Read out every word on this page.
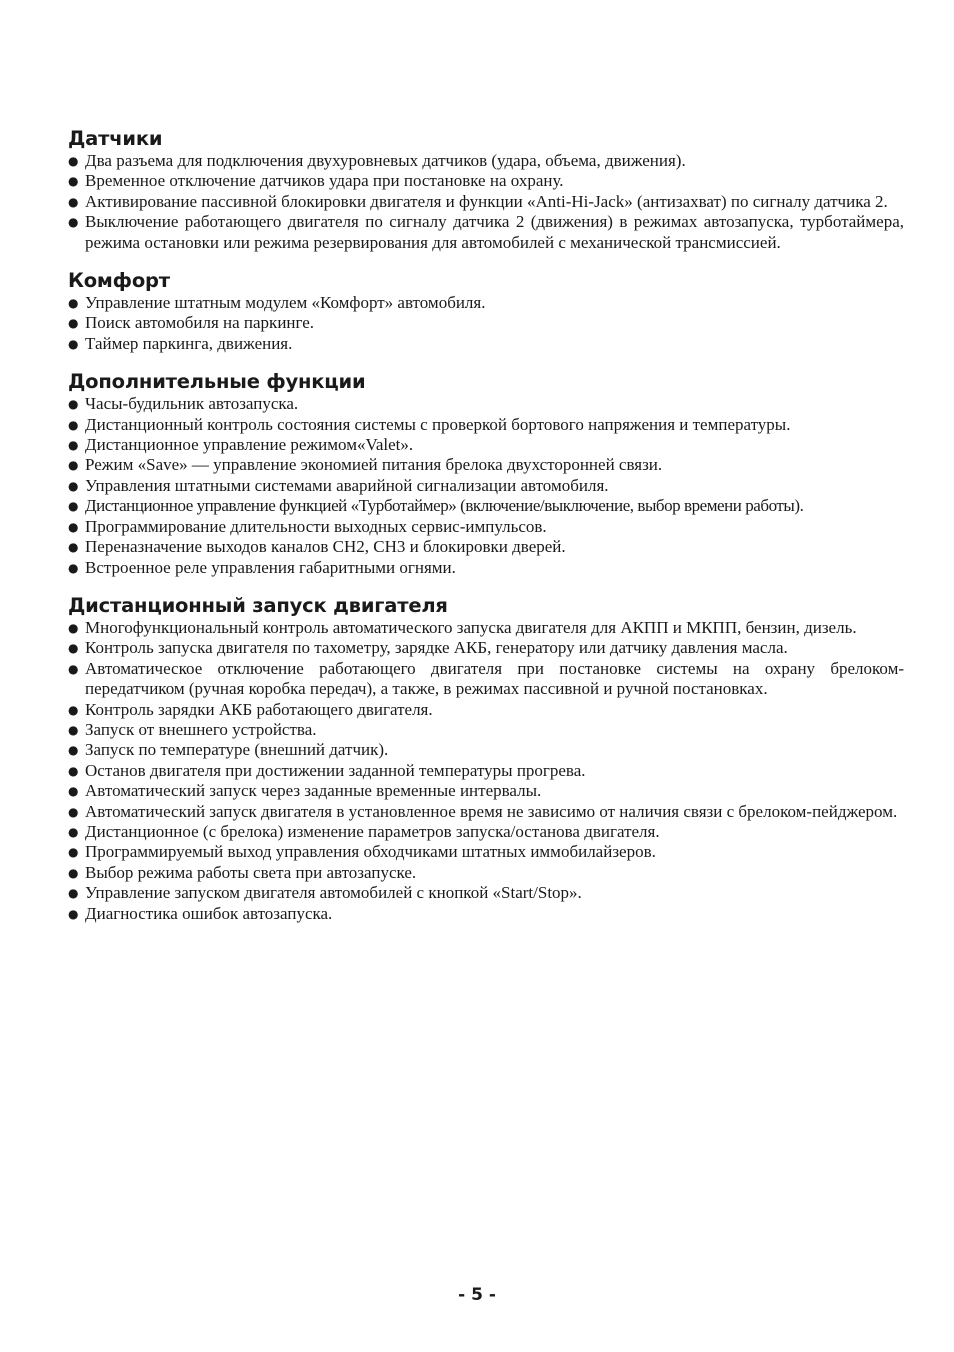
Датчики
● Два разъема для подключения двухуровневых датчиков (удара, объема, движения).
● Временное отключение датчиков удара при постановке на охрану.
● Активирование пассивной блокировки двигателя и функции «Anti-Hi-Jack» (антизахват) по сигналу датчика 2.
● Выключение работающего двигателя по сигналу датчика 2 (движения) в режимах автозапуска, турботаймера, режима остановки или режима резервирования для автомобилей с механической трансмиссией.
Комфорт
● Управление штатным модулем «Комфорт» автомобиля.
● Поиск автомобиля на паркинге.
● Таймер паркинга, движения.
Дополнительные функции
● Часы-будильник автозапуска.
● Дистанционный контроль состояния системы с проверкой бортового напряжения и температуры.
● Дистанционное управление режимом«Valet».
● Режим «Save» — управление экономией питания брелока двухсторонней связи.
● Управления штатными системами аварийной сигнализации автомобиля.
● Дистанционное управление функцией «Турботаймер» (включение/выключение, выбор времени работы).
● Программирование длительности выходных сервис-импульсов.
● Переназначение выходов каналов CH2, CH3 и блокировки дверей.
● Встроенное реле управления габаритными огнями.
Дистанционный запуск двигателя
● Многофункциональный контроль автоматического запуска двигателя для АКПП и МКПП, бензин, дизель.
● Контроль запуска двигателя по тахометру, зарядке АКБ, генератору или датчику давления масла.
● Автоматическое отключение работающего двигателя при постановке системы на охрану брелоком-передатчиком (ручная коробка передач), а также, в режимах пассивной и ручной постановках.
● Контроль зарядки АКБ работающего двигателя.
● Запуск от внешнего устройства.
● Запуск по температуре (внешний датчик).
● Останов двигателя при достижении заданной температуры прогрева.
● Автоматический запуск через заданные временные интервалы.
● Автоматический запуск двигателя в установленное время не зависимо от наличия связи с брелоком-пейджером.
● Дистанционное (с брелока) изменение параметров запуска/останова двигателя.
● Программируемый выход управления обходчиками штатных иммобилайзеров.
● Выбор режима работы света при автозапуске.
● Управление запуском двигателя автомобилей с кнопкой «Start/Stop».
● Диагностика ошибок автозапуска.
- 5 -
